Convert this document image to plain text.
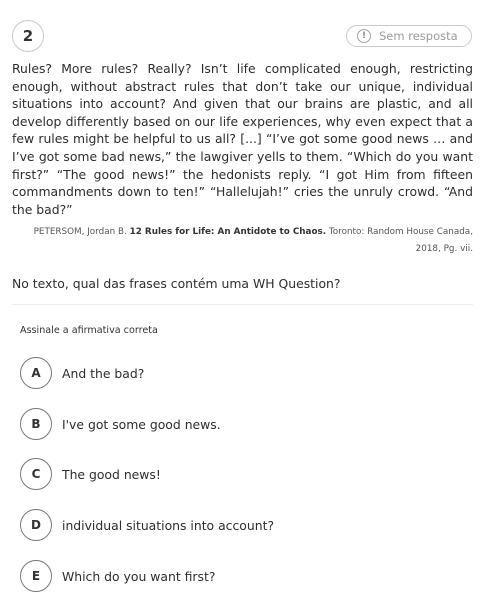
2	!	Sem resposta

Rules? More rules? Really? Isn’t life complicated enough, restricting enough, without abstract rules that don’t take our unique, individual situations into account? And given that our brains are plastic, and all develop differently based on our life experiences, why even expect that a few rules might be helpful to us all? [...] “I’ve got some good news … and I’ve got some bad news,” the lawgiver yells to them. “Which do you want first?” “The good news!” the hedonists reply. “I got Him from fifteen commandments down to ten!” “Hallelujah!” cries the unruly crowd. “And the bad?”

PETERSOM, Jordan B. 12 Rules for Life: An Antidote to Chaos. Toronto: Random House Canada, 2018, Pg. vii.
No texto, qual das frases contém uma WH Question?
Assinale a afirmativa correta
A	And the bad?
B	I've got some good news.
C	The good news!
D	individual situations into account?
E	Which do you want first?
